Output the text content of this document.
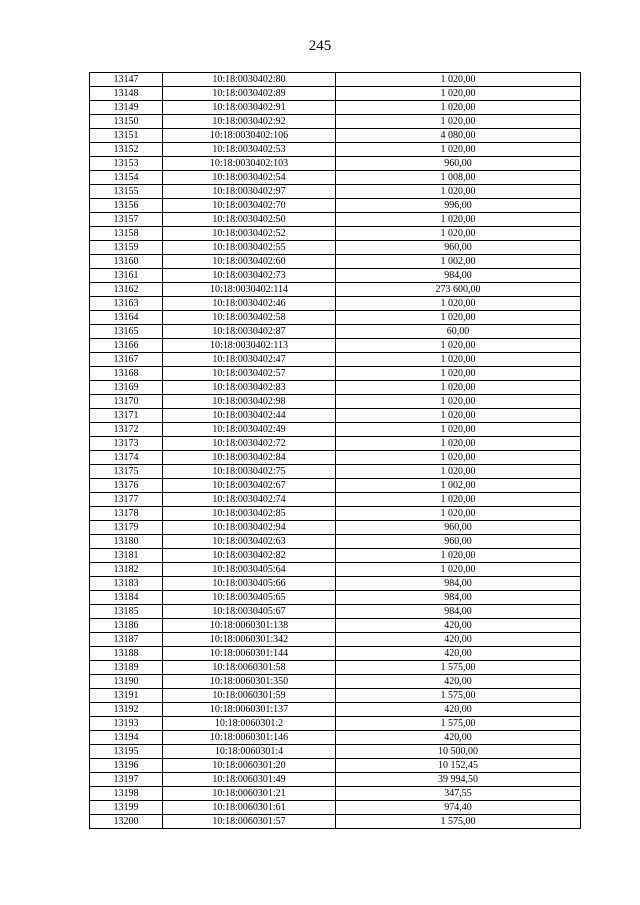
245
13147	10:18:0030402:80	1 020,00
13148	10:18:0030402:89	1 020,00
13149	10:18:0030402:91	1 020,00
13150	10:18:0030402:92	1 020,00
13151	10:18:0030402:106	4 080,00
13152	10:18:0030402:53	1 020,00
13153	10:18:0030402:103	960,00
13154	10:18:0030402:54	1 008,00
13155	10:18:0030402:97	1 020,00
13156	10:18:0030402:70	996,00
13157	10:18:0030402:50	1 020,00
13158	10:18:0030402:52	1 020,00
13159	10:18:0030402:55	960,00
13160	10:18:0030402:60	1 002,00
13161	10:18:0030402:73	984,00
13162	10:18:0030402:114	273 600,00
13163	10:18:0030402:46	1 020,00
13164	10:18:0030402:58	1 020,00
13165	10:18:0030402:87	60,00
13166	10:18:0030402:113	1 020,00
13167	10:18:0030402:47	1 020,00
13168	10:18:0030402:57	1 020,00
13169	10:18:0030402:83	1 020,00
13170	10:18:0030402:98	1 020,00
13171	10:18:0030402:44	1 020,00
13172	10:18:0030402:49	1 020,00
13173	10:18:0030402:72	1 020,00
13174	10:18:0030402:84	1 020,00
13175	10:18:0030402:75	1 020,00
13176	10:18:0030402:67	1 002,00
13177	10:18:0030402:74	1 020,00
13178	10:18:0030402:85	1 020,00
13179	10:18:0030402:94	960,00
13180	10:18:0030402:63	960,00
13181	10:18:0030402:82	1 020,00
13182	10:18:0030405:64	1 020,00
13183	10:18:0030405:66	984,00
13184	10:18:0030405:65	984,00
13185	10:18:0030405:67	984,00
13186	10:18:0060301:138	420,00
13187	10:18:0060301:342	420,00
13188	10:18:0060301:144	420,00
13189	10:18:0060301:58	1 575,00
13190	10:18:0060301:350	420,00
13191	10:18:0060301:59	1 575,00
13192	10:18:0060301:137	420,00
13193	10:18:0060301:2	1 575,00
13194	10:18:0060301:146	420,00
13195	10:18:0060301:4	10 500,00
13196	10:18:0060301:20	10 152,45
13197	10:18:0060301:49	39 994,50
13198	10:18:0060301:21	347,55
13199	10:18:0060301:61	974,40
13200	10:18:0060301:57	1 575,00
